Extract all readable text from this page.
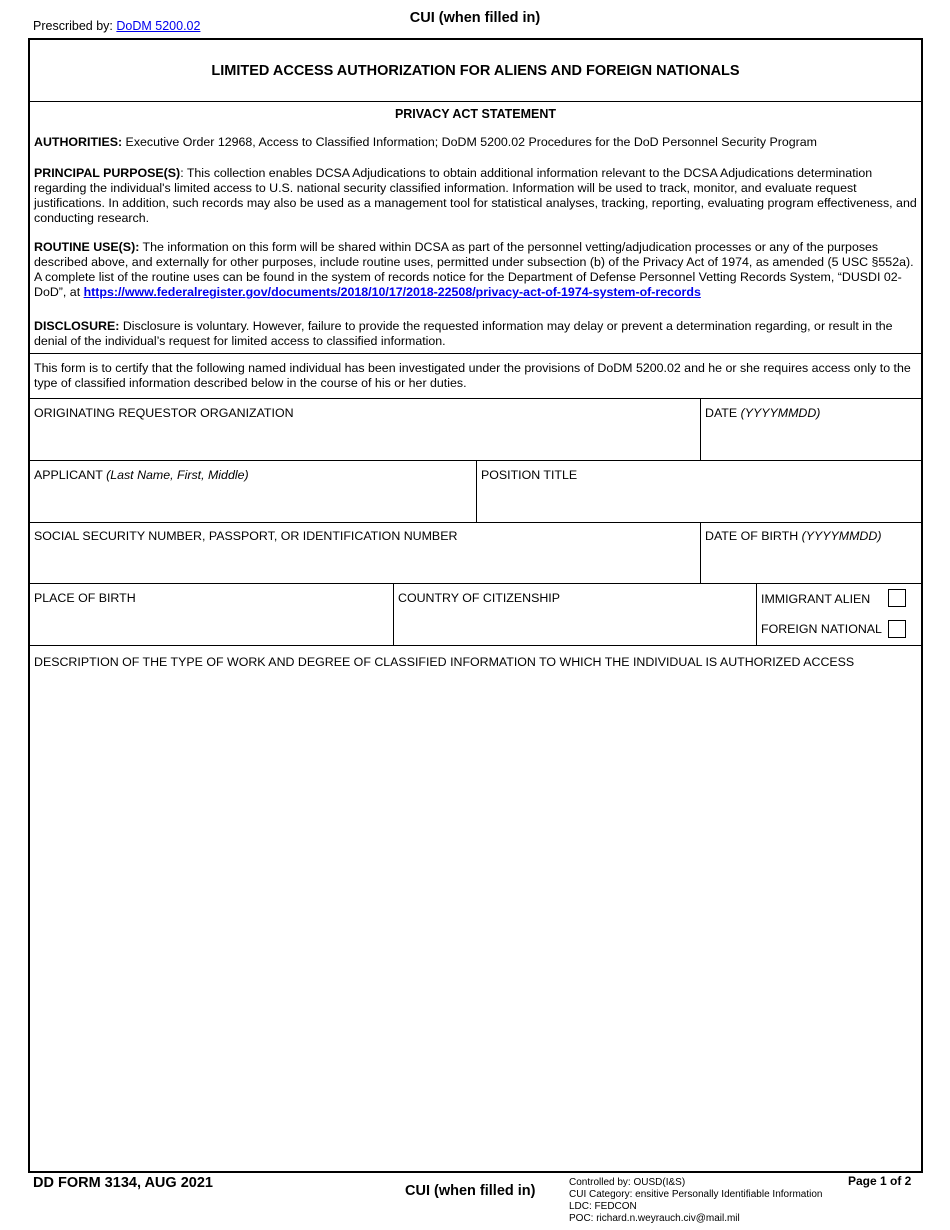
Prescribed by: DoDM 5200.02	CUI (when filled in)
LIMITED ACCESS AUTHORIZATION FOR ALIENS AND FOREIGN NATIONALS
PRIVACY ACT STATEMENT
AUTHORITIES: Executive Order 12968, Access to Classified Information; DoDM 5200.02 Procedures for the DoD Personnel Security Program
PRINCIPAL PURPOSE(S): This collection enables DCSA Adjudications to obtain additional information relevant to the DCSA Adjudications determination regarding the individual's limited access to U.S. national security classified information. Information will be used to track, monitor, and evaluate request justifications. In addition, such records may also be used as a management tool for statistical analyses, tracking, reporting, evaluating program effectiveness, and conducting research.
ROUTINE USE(S): The information on this form will be shared within DCSA as part of the personnel vetting/adjudication processes or any of the purposes described above, and externally for other purposes, include routine uses, permitted under subsection (b) of the Privacy Act of 1974, as amended (5 USC §552a). A complete list of the routine uses can be found in the system of records notice for the Department of Defense Personnel Vetting Records System, “DUSDI 02-DoD”, at https://www.federalregister.gov/documents/2018/10/17/2018-22508/privacy-act-of-1974-system-of-records
DISCLOSURE: Disclosure is voluntary. However, failure to provide the requested information may delay or prevent a determination regarding, or result in the denial of the individual’s request for limited access to classified information.
This form is to certify that the following named individual has been investigated under the provisions of DoDM 5200.02 and he or she requires access only to the type of classified information described below in the course of his or her duties.
ORIGINATING REQUESTOR ORGANIZATION	DATE (YYYYMMDD)
APPLICANT (Last Name, First, Middle)	POSITION TITLE
SOCIAL SECURITY NUMBER, PASSPORT, OR IDENTIFICATION NUMBER	DATE OF BIRTH (YYYYMMDD)
PLACE OF BIRTH	COUNTRY OF CITIZENSHIP	IMMIGRANT ALIEN
FOREIGN NATIONAL
DESCRIPTION OF THE TYPE OF WORK AND DEGREE OF CLASSIFIED INFORMATION TO WHICH THE INDIVIDUAL IS AUTHORIZED ACCESS
DD FORM 3134, AUG 2021	CUI (when filled in)
Controlled by: OUSD(I&S)
CUI Category: ensitive Personally Identifiable Information
LDC: FEDCON
POC: richard.n.weyrauch.civ@mail.mil
Page 1 of 2
